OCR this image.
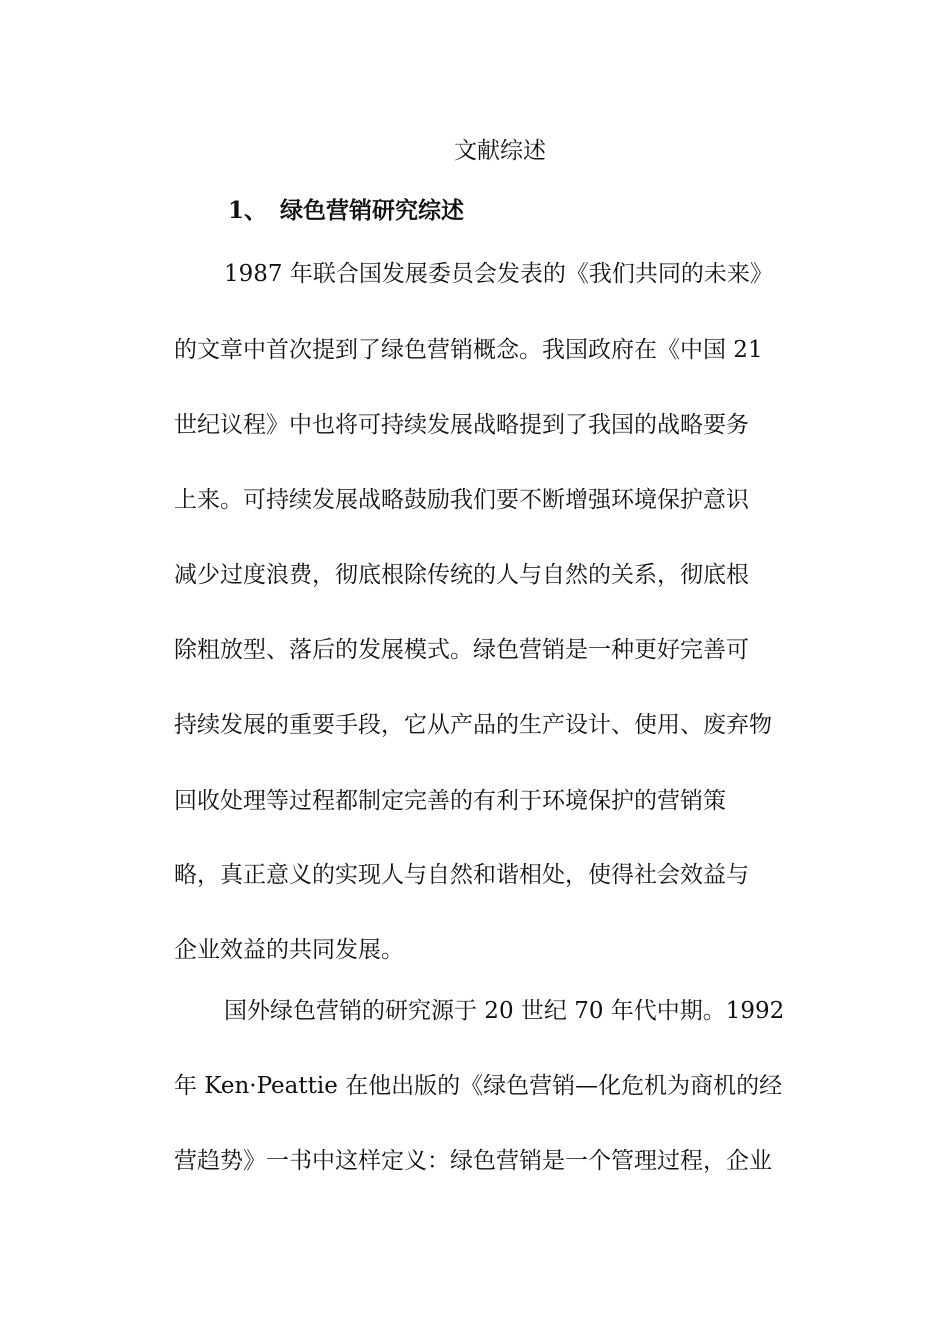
文献综述
1、 绿色营销研究综述
1987 年联合国发展委员会发表的《我们共同的未来》
的文章中首次提到了绿色营销概念。我国政府在《中国 21
世纪议程》中也将可持续发展战略提到了我国的战略要务
上来。可持续发展战略鼓励我们要不断增强环境保护意识
减少过度浪费，彻底根除传统的人与自然的关系，彻底根
除粗放型、落后的发展模式。绿色营销是一种更好完善可
持续发展的重要手段，它从产品的生产设计、使用、废弃物
回收处理等过程都制定完善的有利于环境保护的营销策
略，真正意义的实现人与自然和谐相处，使得社会效益与
企业效益的共同发展。
国外绿色营销的研究源于 20 世纪 70 年代中期。1992
年 Ken·Peattie 在他出版的《绿色营销—化危机为商机的经
营趋势》一书中这样定义：绿色营销是一个管理过程，企业
